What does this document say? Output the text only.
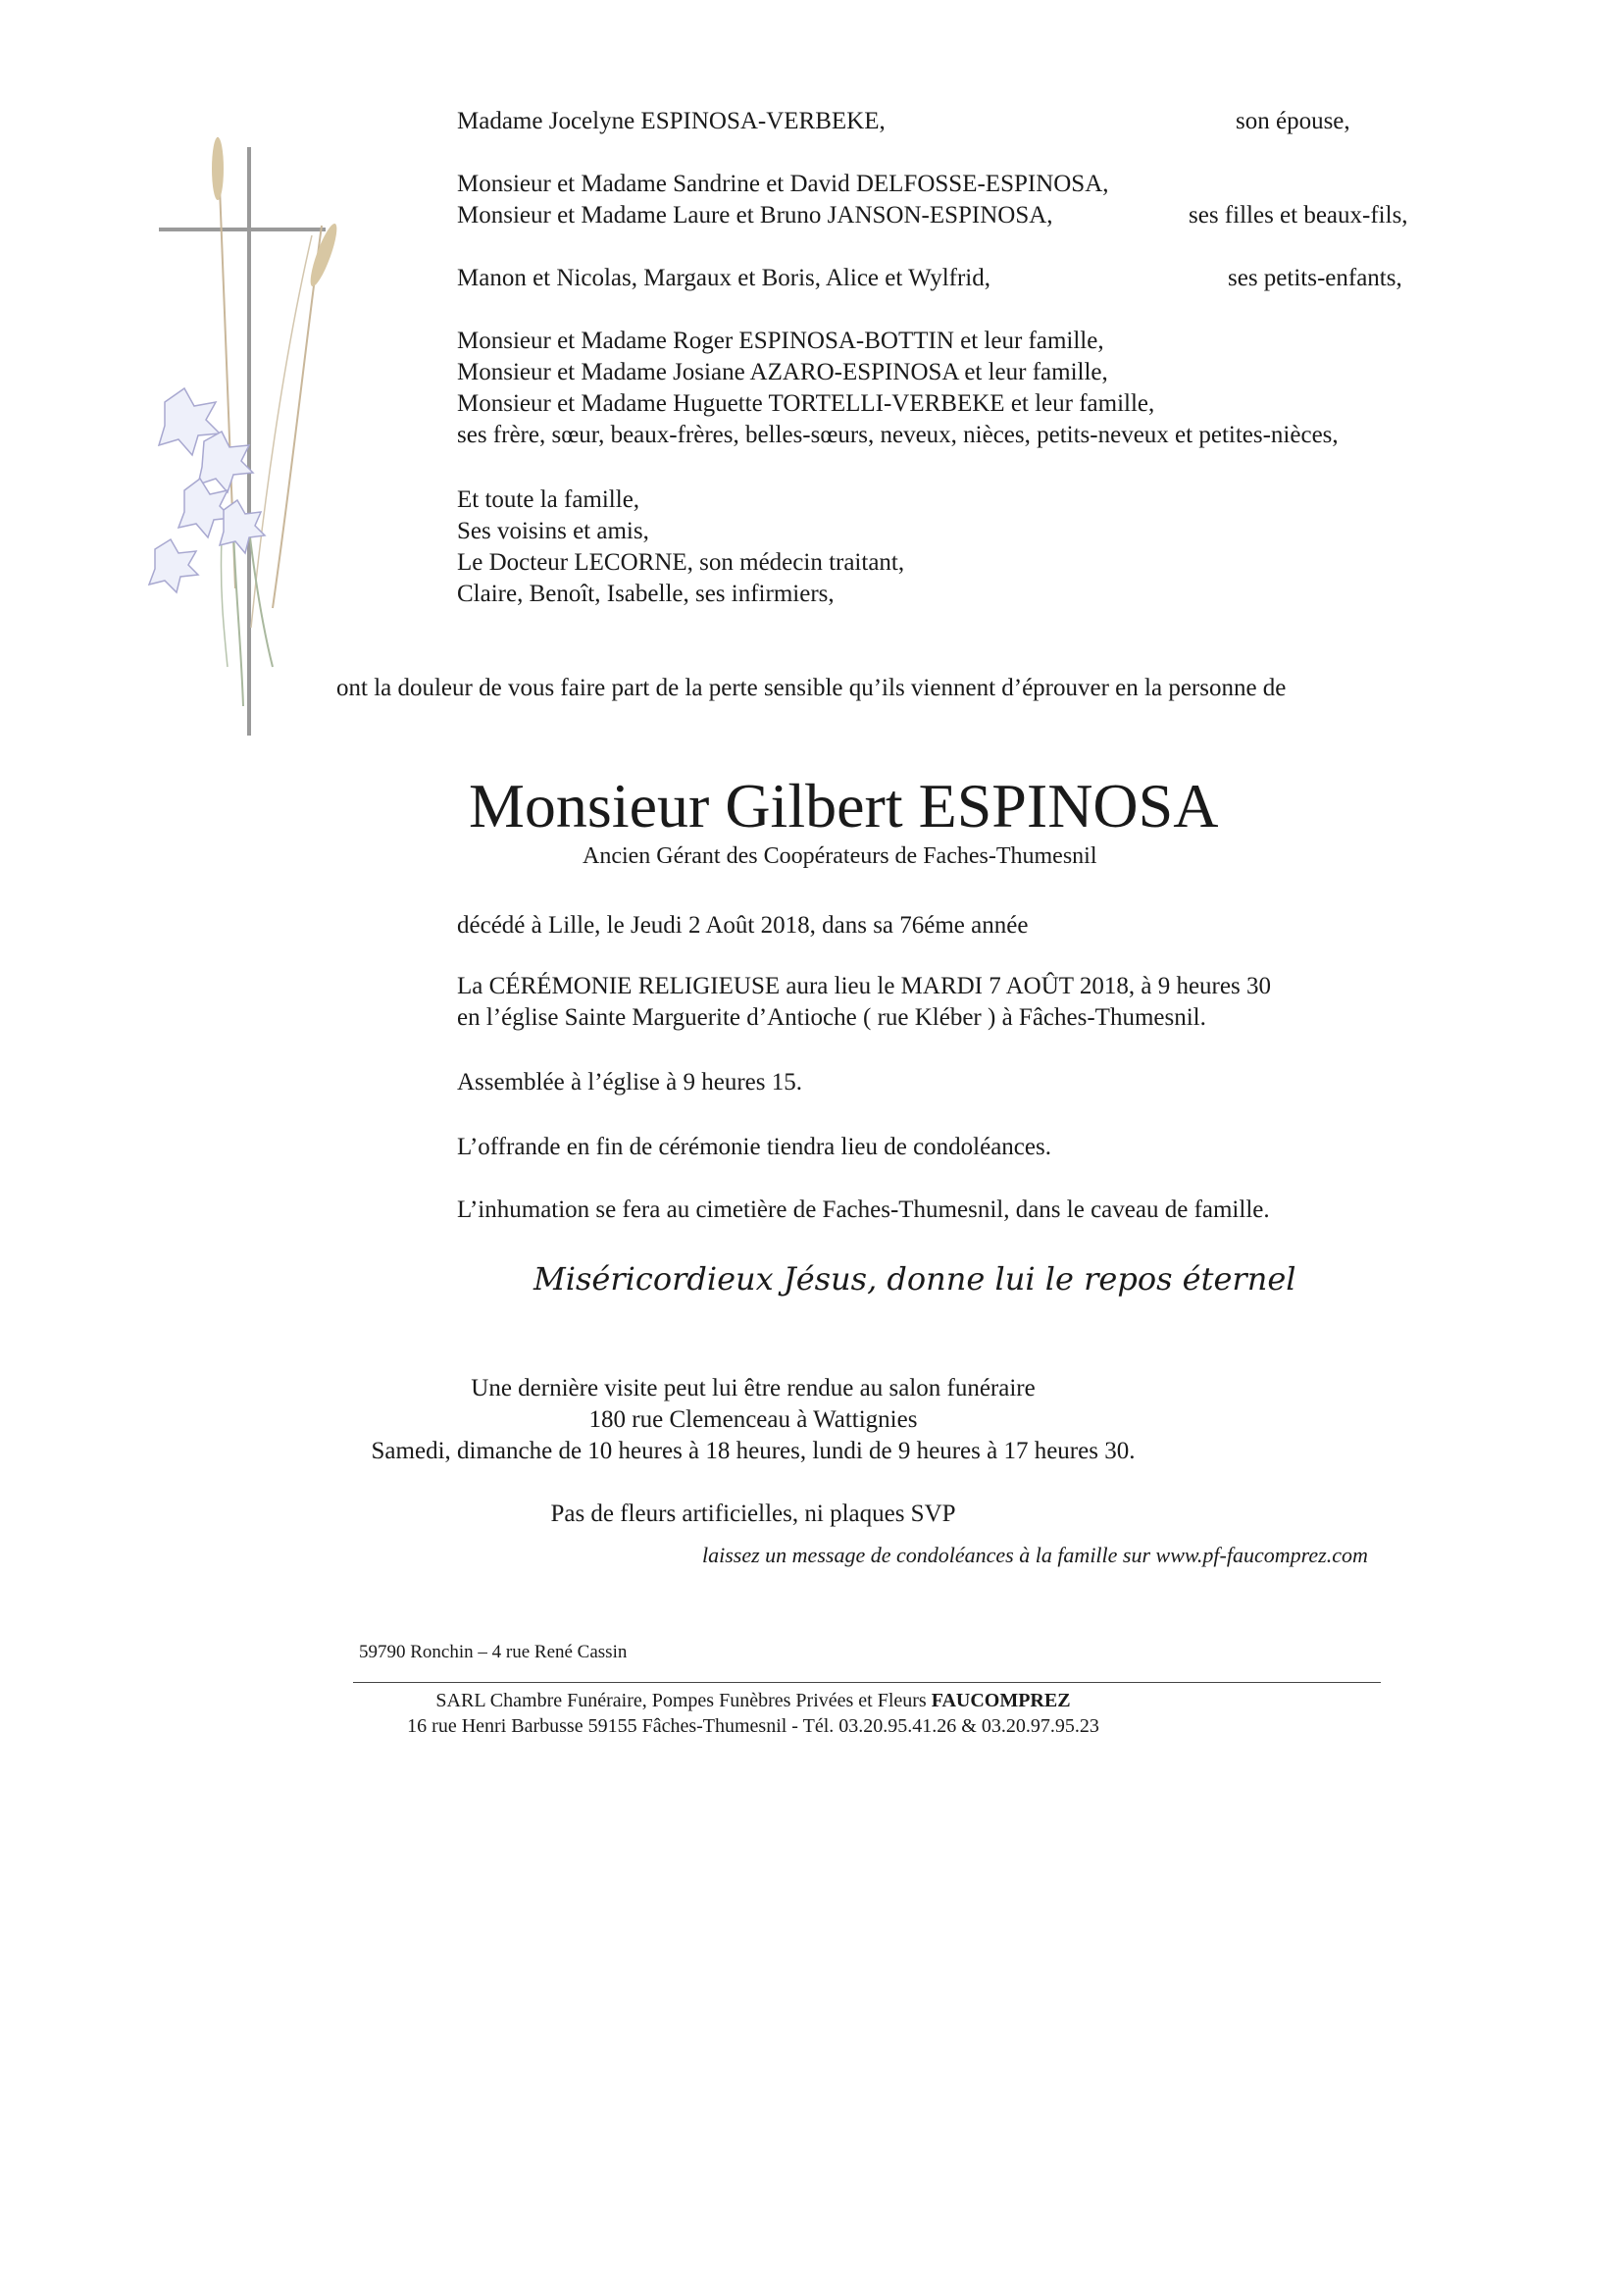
Madame Jocelyne ESPINOSA-VERBEKE,	son épouse,
Monsieur et Madame Sandrine et David DELFOSSE-ESPINOSA,
Monsieur et Madame Laure et Bruno JANSON-ESPINOSA,	ses filles et beaux-fils,
Manon et Nicolas, Margaux et Boris, Alice et Wylfrid,	ses petits-enfants,
Monsieur et Madame Roger ESPINOSA-BOTTIN et leur famille,
Monsieur et Madame Josiane AZARO-ESPINOSA et leur famille,
Monsieur et Madame Huguette TORTELLI-VERBEKE et leur famille,
ses frère, sœur, beaux-frères, belles-sœurs, neveux, nièces, petits-neveux et petites-nièces,
Et toute la famille,
Ses voisins et amis,
Le Docteur LECORNE, son médecin traitant,
Claire, Benoît, Isabelle, ses infirmiers,
ont la douleur de vous faire part de la perte sensible qu’ils viennent d’éprouver en la personne de
Monsieur Gilbert ESPINOSA
Ancien Gérant des Coopérateurs de Faches-Thumesnil
décédé à Lille, le Jeudi 2 Août 2018, dans sa 76éme année
La CÉRÉMONIE RELIGIEUSE aura lieu le MARDI 7 AOÛT 2018, à 9 heures 30
en l’église Sainte Marguerite d’Antioche ( rue Kléber ) à Fâches-Thumesnil.
Assemblée à l’église à 9 heures 15.
L’offrande en fin de cérémonie tiendra lieu de condoléances.
L’inhumation se fera au cimetière de Faches-Thumesnil, dans le caveau de famille.
Miséricordieux Jésus, donne lui le repos éternel
Une dernière visite peut lui être rendue au salon funéraire
180 rue Clemenceau à Wattignies
Samedi, dimanche de 10 heures à 18 heures, lundi de 9 heures à 17 heures 30.
Pas de fleurs artificielles, ni plaques SVP
laissez un message de condoléances à la famille sur www.pf-faucomprez.com
59790 Ronchin – 4 rue René Cassin
SARL Chambre Funéraire, Pompes Funèbres Privées et Fleurs FAUCOMPREZ
16 rue Henri Barbusse 59155 Fâches-Thumesnil - Tél. 03.20.95.41.26 & 03.20.97.95.23
